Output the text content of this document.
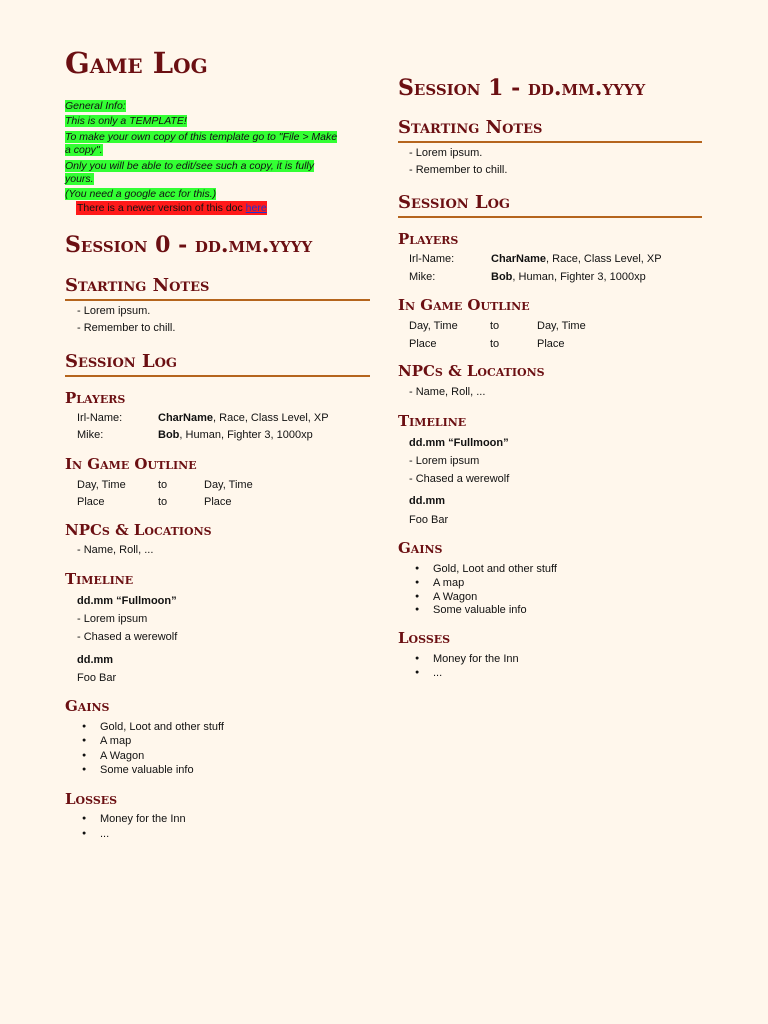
Game Log
General Info:
This is only a TEMPLATE!
To make your own copy of this template go to "File > Make
a copy".
Only you will be able to edit/see such a copy, it is fully
yours.
(You need a google acc for this.)
There is a newer version of this doc here
Session 0 - dd.mm.yyyy
Starting Notes
- Lorem ipsum.
- Remember to chill.
Session Log
Players
Irl-Name:	CharName, Race, Class Level, XP
Mike:	Bob, Human, Fighter 3, 1000xp
In Game Outline
Day, Time	to	Day, Time
Place	to	Place
NPCs & Locations
- Name, Roll, ...
Timeline
dd.mm “Fullmoon”
- Lorem ipsum
- Chased a werewolf
dd.mm
Foo Bar
Gains
● Gold, Loot and other stuff
● A map
● A Wagon
● Some valuable info
Losses
● Money for the Inn
● ...
Session 1 - dd.mm.yyyy
Starting Notes
- Lorem ipsum.
- Remember to chill.
Session Log
Players
Irl-Name:	CharName, Race, Class Level, XP
Mike:	Bob, Human, Fighter 3, 1000xp
In Game Outline
Day, Time	to	Day, Time
Place	to	Place
NPCs & Locations
- Name, Roll, ...
Timeline
dd.mm “Fullmoon”
- Lorem ipsum
- Chased a werewolf
dd.mm
Foo Bar
Gains
● Gold, Loot and other stuff
● A map
● A Wagon
● Some valuable info
Losses
● Money for the Inn
● ...
